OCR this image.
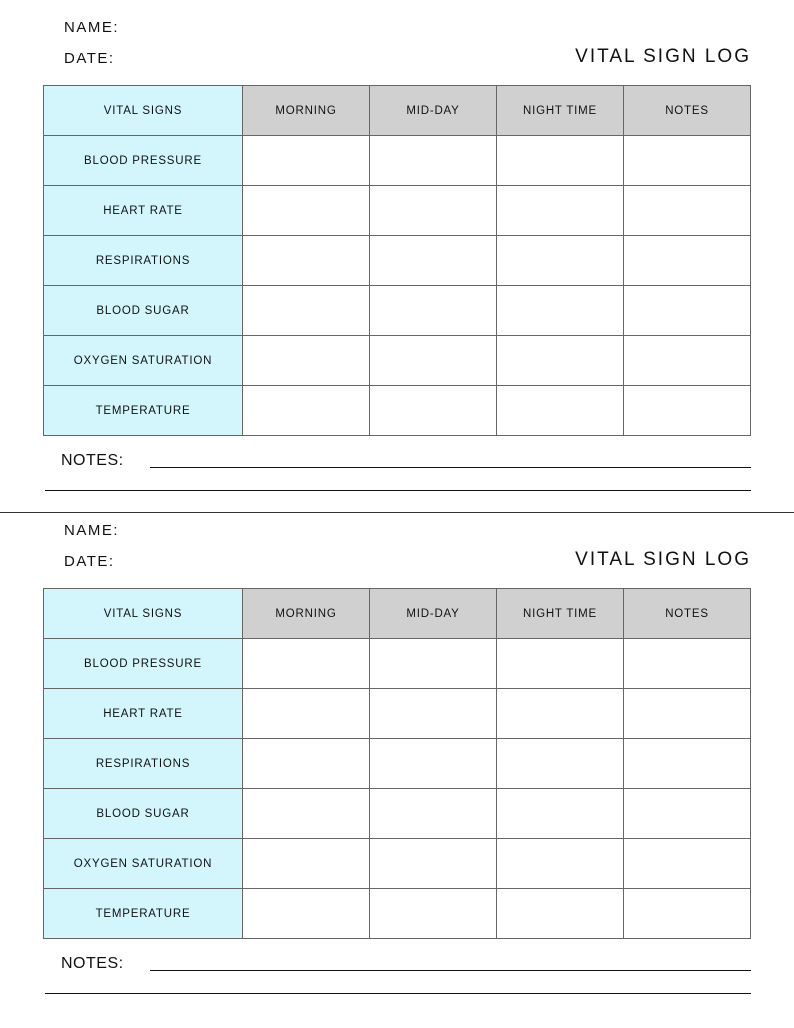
NAME:
DATE:	VITAL SIGN LOG
VITAL SIGNS	MORNING	MID-DAY	NIGHT TIME	NOTES
BLOOD PRESSURE				
HEART RATE				
RESPIRATIONS				
BLOOD SUGAR				
OXYGEN SATURATION				
TEMPERATURE				
NOTES:
NAME:
DATE:	VITAL SIGN LOG
VITAL SIGNS	MORNING	MID-DAY	NIGHT TIME	NOTES
BLOOD PRESSURE				
HEART RATE				
RESPIRATIONS				
BLOOD SUGAR				
OXYGEN SATURATION				
TEMPERATURE				
NOTES:
